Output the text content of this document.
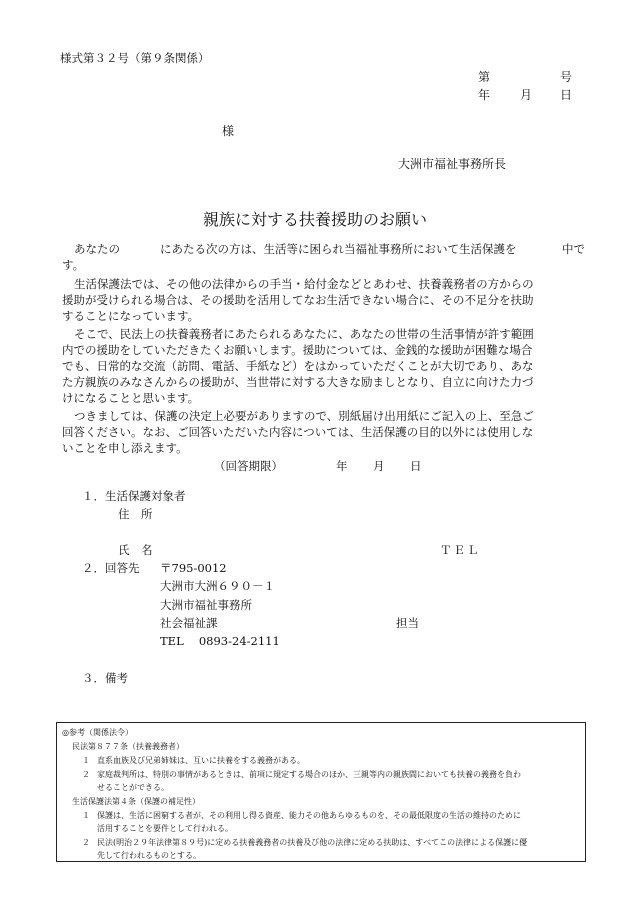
様式第３２号（第９条関係）
第	号
年 月 日
様
大洲市福祉事務所長
親族に対する扶養援助のお願い
あなたの	にあたる次の方は、生活等に困られ当福祉事務所において生活保護を	中で
す。
生活保護法では、その他の法律からの手当・給付金などとあわせ、扶養義務者の方からの
援助が受けられる場合は、その援助を活用してなお生活できない場合に、その不足分を扶助
することになっています。
そこで、民法上の扶養義務者にあたられるあなたに、あなたの世帯の生活事情が許す範囲
内での援助をしていただきたくお願いします。援助については、金銭的な援助が困難な場合
でも、日常的な交流（訪問、電話、手紙など）をはかっていただくことが大切であり、あな
た方親族のみなさんからの援助が、当世帯に対する大きな励ましとなり、自立に向けた力づ
けになることと思います。
つきましては、保護の決定上必要がありますので、別紙届け出用紙にご記入の上、至急ご
回答ください。なお、ご回答いただいた内容については、生活保護の目的以外には使用しな
いことを申し添えます。
（回答期限）	年 月 日
１．生活保護対象者
住　所
氏　名	ＴＥＬ
２．回答先 〒795-0012
大洲市大洲６９０－１
大洲市福祉事務所
社会福祉課	担当
TEL　 0893-24-2111
３．備考
◎参考（関係法令）
民法第８７７条（扶養義務者）
１ 直系血族及び兄弟姉妹は、互いに扶養をする義務がある。
２ 家庭裁判所は、特別の事情があるときは、前項に規定する場合のほか、三親等内の親族間においても扶養の義務を負わ
せることができる。
生活保護法第４条（保護の補足性）
１ 保護は、生活に困窮する者が、その利用し得る資産、能力その他あらゆるものを、その最低限度の生活の維持のために
活用することを要件として行われる。
２ 民法(明治２９年法律第８９号)に定める扶養義務者の扶養及び他の法律に定める扶助は、すべてこの法律による保護に優
先して行われるものとする。
